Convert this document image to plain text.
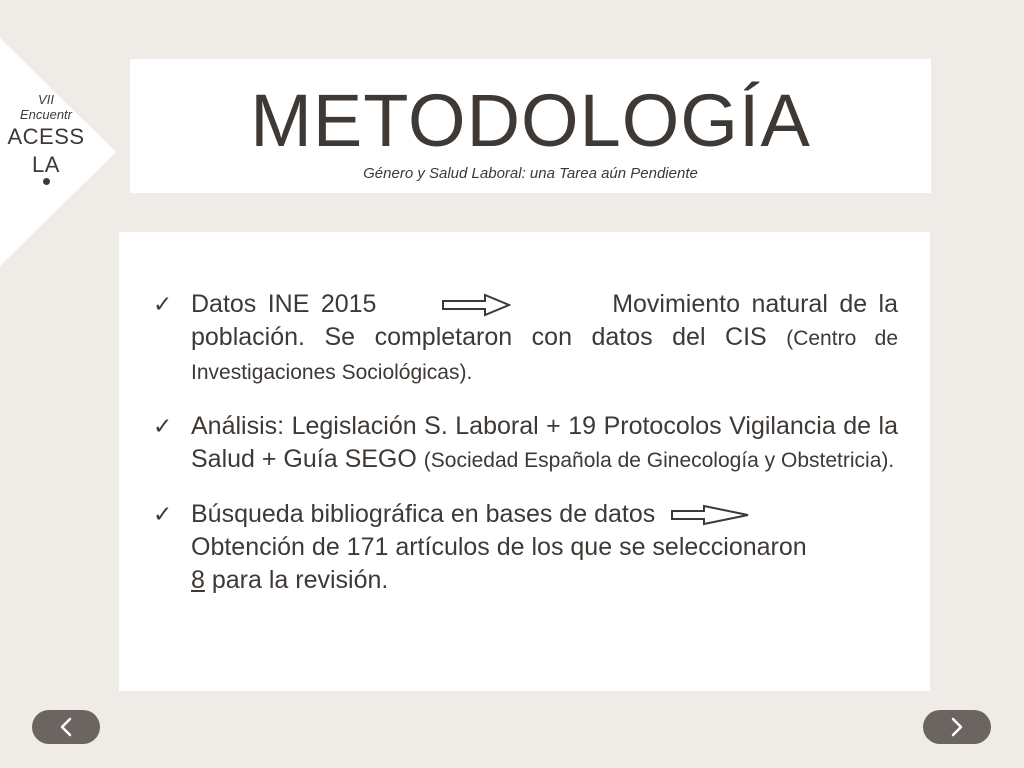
VII
Encuentr
ACESS
LA
METODOLOGÍA
Género y Salud Laboral: una Tarea aún Pendiente
✓ Datos INE 2015	Movimiento natural de la población. Se completaron con datos del CIS (Centro de Investigaciones Sociológicas).
✓ Análisis: Legislación S. Laboral + 19 Protocolos Vigilancia de la Salud + Guía SEGO (Sociedad Española de Ginecología y Obstetricia).
✓ Búsqueda bibliográfica en bases de datos
Obtención de 171 artículos de los que se seleccionaron
8 para la revisión.
